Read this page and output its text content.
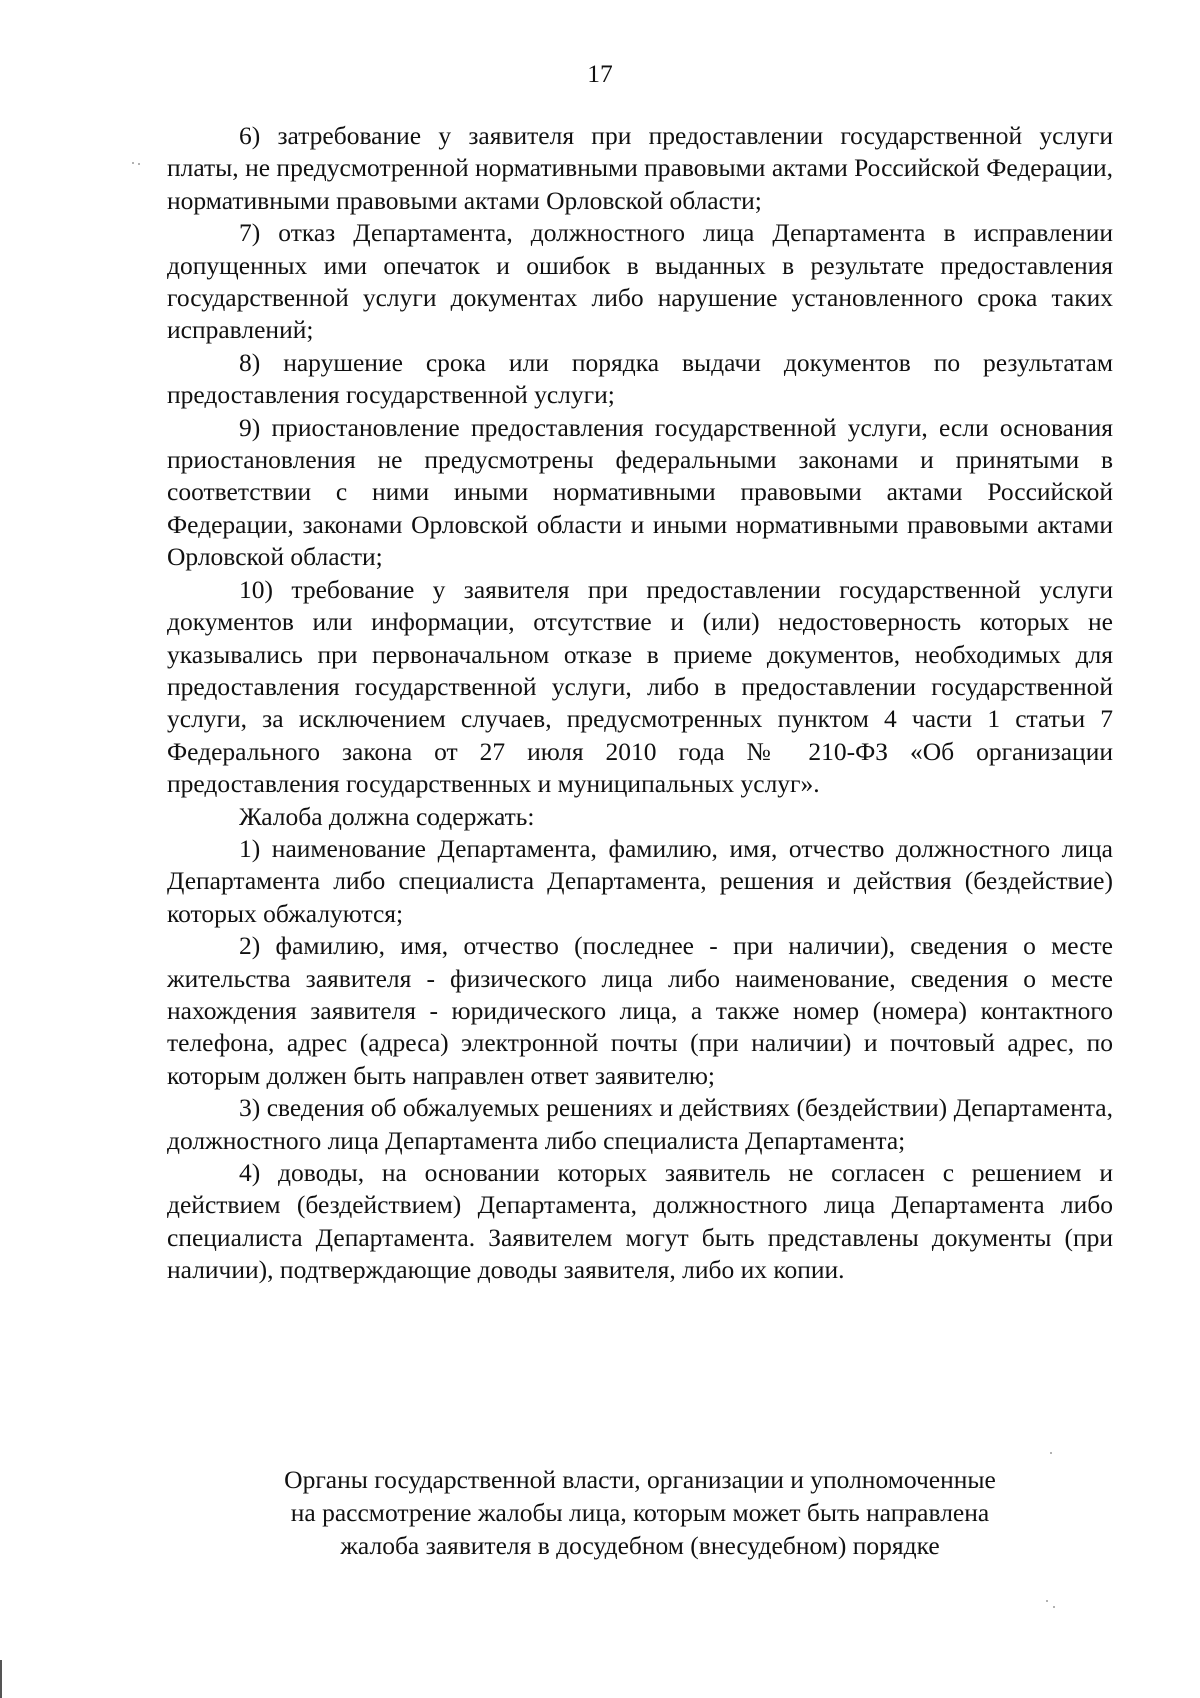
17

6) затребование у заявителя при предоставлении государственной услуги платы, не предусмотренной нормативными правовыми актами Российской Федерации, нормативными правовыми актами Орловской области;

7) отказ Департамента, должностного лица Департамента в исправлении допущенных ими опечаток и ошибок в выданных в результате предоставления государственной услуги документах либо нарушение установленного срока таких исправлений;

8) нарушение срока или порядка выдачи документов по результатам предоставления государственной услуги;

9) приостановление предоставления государственной услуги, если основания приостановления не предусмотрены федеральными законами и принятыми в соответствии с ними иными нормативными правовыми актами Российской Федерации, законами Орловской области и иными нормативными правовыми актами Орловской области;

10) требование у заявителя при предоставлении государственной услуги документов или информации, отсутствие и (или) недостоверность которых не указывались при первоначальном отказе в приеме документов, необходимых для предоставления государственной услуги, либо в предоставлении государственной услуги, за исключением случаев, предусмотренных пунктом 4 части 1 статьи 7 Федерального закона от 27 июля 2010 года № 210-ФЗ «Об организации предоставления государственных и муниципальных услуг».

Жалоба должна содержать:

1) наименование Департамента, фамилию, имя, отчество должностного лица Департамента либо специалиста Департамента, решения и действия (бездействие) которых обжалуются;

2) фамилию, имя, отчество (последнее - при наличии), сведения о месте жительства заявителя - физического лица либо наименование, сведения о месте нахождения заявителя - юридического лица, а также номер (номера) контактного телефона, адрес (адреса) электронной почты (при наличии) и почтовый адрес, по которым должен быть направлен ответ заявителю;

3) сведения об обжалуемых решениях и действиях (бездействии) Департамента, должностного лица Департамента либо специалиста Департамента;

4) доводы, на основании которых заявитель не согласен с решением и действием (бездействием) Департамента, должностного лица Департамента либо специалиста Департамента. Заявителем могут быть представлены документы (при наличии), подтверждающие доводы заявителя, либо их копии.

Органы государственной власти, организации и уполномоченные
на рассмотрение жалобы лица, которым может быть направлена
жалоба заявителя в досудебном (внесудебном) порядке
